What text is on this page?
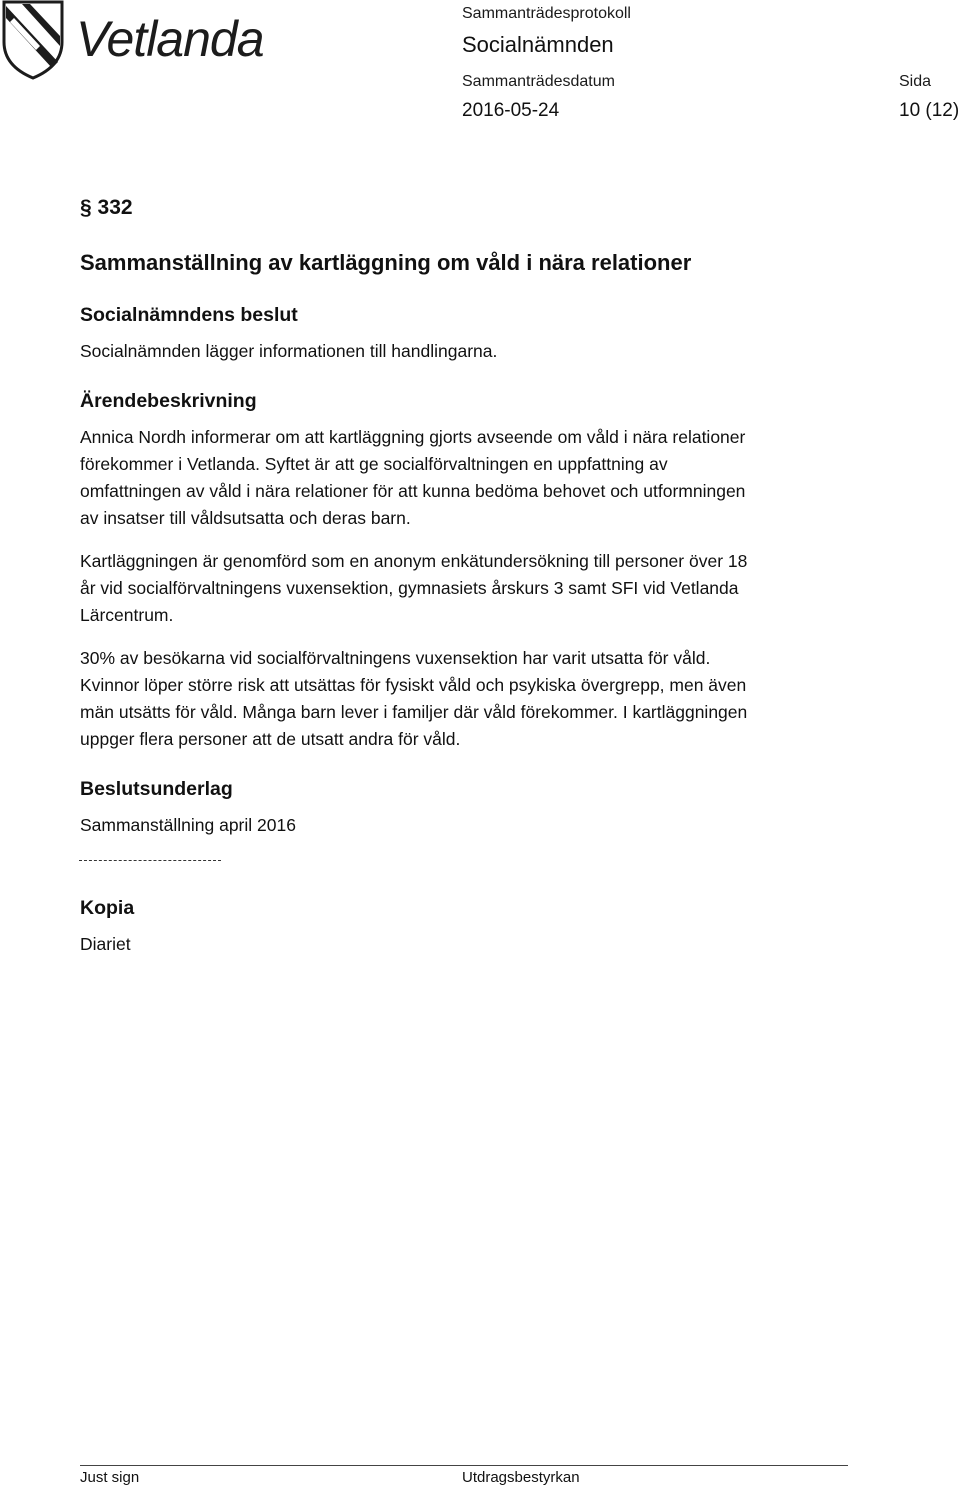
Vetlanda	Sammanträdesprotokoll
Socialnämnden
Sammanträdesdatum	Sida
2016-05-24	10 (12)
§ 332
Sammanställning av kartläggning om våld i nära relationer
Socialnämndens beslut
Socialnämnden lägger informationen till handlingarna.
Ärendebeskrivning
Annica Nordh informerar om att kartläggning gjorts avseende om våld i nära relationer
förekommer i Vetlanda. Syftet är att ge socialförvaltningen en uppfattning av
omfattningen av våld i nära relationer för att kunna bedöma behovet och utformningen
av insatser till våldsutsatta och deras barn.
Kartläggningen är genomförd som en anonym enkätundersökning till personer över 18
år vid socialförvaltningens vuxensektion, gymnasiets årskurs 3 samt SFI vid Vetlanda
Lärcentrum.
30% av besökarna vid socialförvaltningens vuxensektion har varit utsatta för våld.
Kvinnor löper större risk att utsättas för fysiskt våld och psykiska övergrepp, men även
män utsätts för våld. Många barn lever i familjer där våld förekommer. I kartläggningen
uppger flera personer att de utsatt andra för våld.
Beslutsunderlag
Sammanställning april 2016
Kopia
Diariet
Just sign	Utdragsbestyrkan
